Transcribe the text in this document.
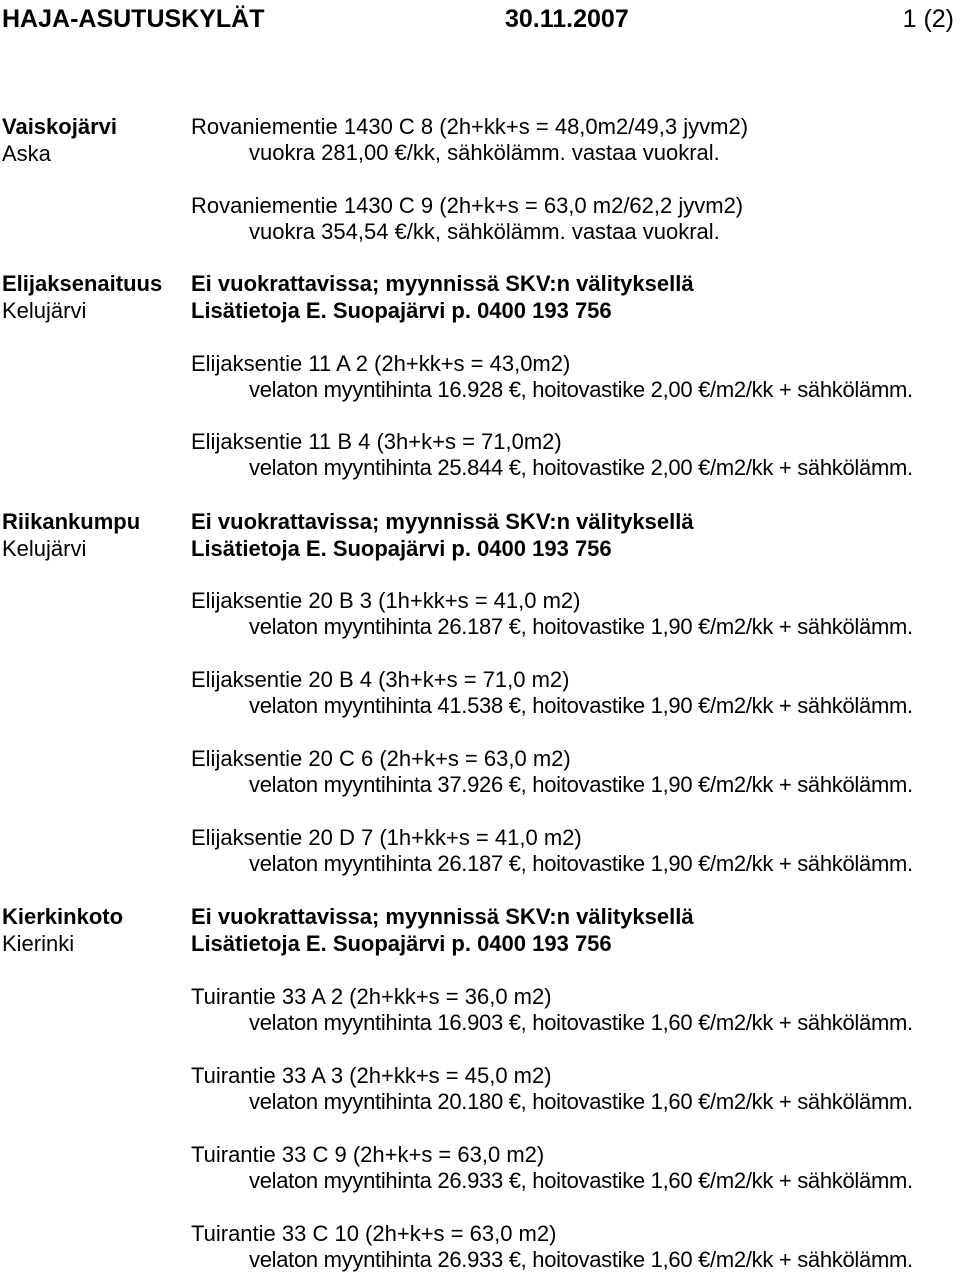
HAJA-ASUTUSKYLÄT	30.11.2007	1 (2)
Vaiskojärvi
Aska
Rovaniementie 1430 C 8 (2h+kk+s = 48,0m2/49,3 jyvm2)
vuokra 281,00 €/kk, sähkölämm. vastaa vuokral.
Rovaniementie 1430 C 9 (2h+k+s = 63,0 m2/62,2 jyvm2)
vuokra 354,54 €/kk, sähkölämm. vastaa vuokral.
Elijaksenaituus
Kelujärvi
Ei vuokrattavissa; myynnissä SKV:n välityksellä
Lisätietoja E. Suopajärvi p. 0400 193 756
Elijaksentie 11 A 2 (2h+kk+s = 43,0m2)
velaton myyntihinta 16.928 €, hoitovastike 2,00 €/m2/kk + sähkölämm.
Elijaksentie 11 B 4 (3h+k+s = 71,0m2)
velaton myyntihinta 25.844 €, hoitovastike 2,00 €/m2/kk + sähkölämm.
Riikankumpu
Kelujärvi
Ei vuokrattavissa; myynnissä SKV:n välityksellä
Lisätietoja E. Suopajärvi p. 0400 193 756
Elijaksentie 20 B 3 (1h+kk+s = 41,0 m2)
velaton myyntihinta 26.187 €, hoitovastike 1,90 €/m2/kk + sähkölämm.
Elijaksentie 20 B 4 (3h+k+s = 71,0 m2)
velaton myyntihinta 41.538 €, hoitovastike 1,90 €/m2/kk + sähkölämm.
Elijaksentie 20 C 6 (2h+k+s = 63,0 m2)
velaton myyntihinta 37.926 €, hoitovastike 1,90 €/m2/kk + sähkölämm.
Elijaksentie 20 D 7 (1h+kk+s = 41,0 m2)
velaton myyntihinta 26.187 €, hoitovastike 1,90 €/m2/kk + sähkölämm.
Kierkinkoto
Kierinki
Ei vuokrattavissa; myynnissä SKV:n välityksellä
Lisätietoja E. Suopajärvi p. 0400 193 756
Tuirantie 33 A 2 (2h+kk+s = 36,0 m2)
velaton myyntihinta 16.903 €, hoitovastike 1,60 €/m2/kk + sähkölämm.
Tuirantie 33 A 3 (2h+kk+s = 45,0 m2)
velaton myyntihinta 20.180 €, hoitovastike 1,60 €/m2/kk + sähkölämm.
Tuirantie 33 C 9 (2h+k+s = 63,0 m2)
velaton myyntihinta 26.933 €, hoitovastike 1,60 €/m2/kk + sähkölämm.
Tuirantie 33 C 10 (2h+k+s = 63,0 m2)
velaton myyntihinta 26.933 €, hoitovastike 1,60 €/m2/kk + sähkölämm.
